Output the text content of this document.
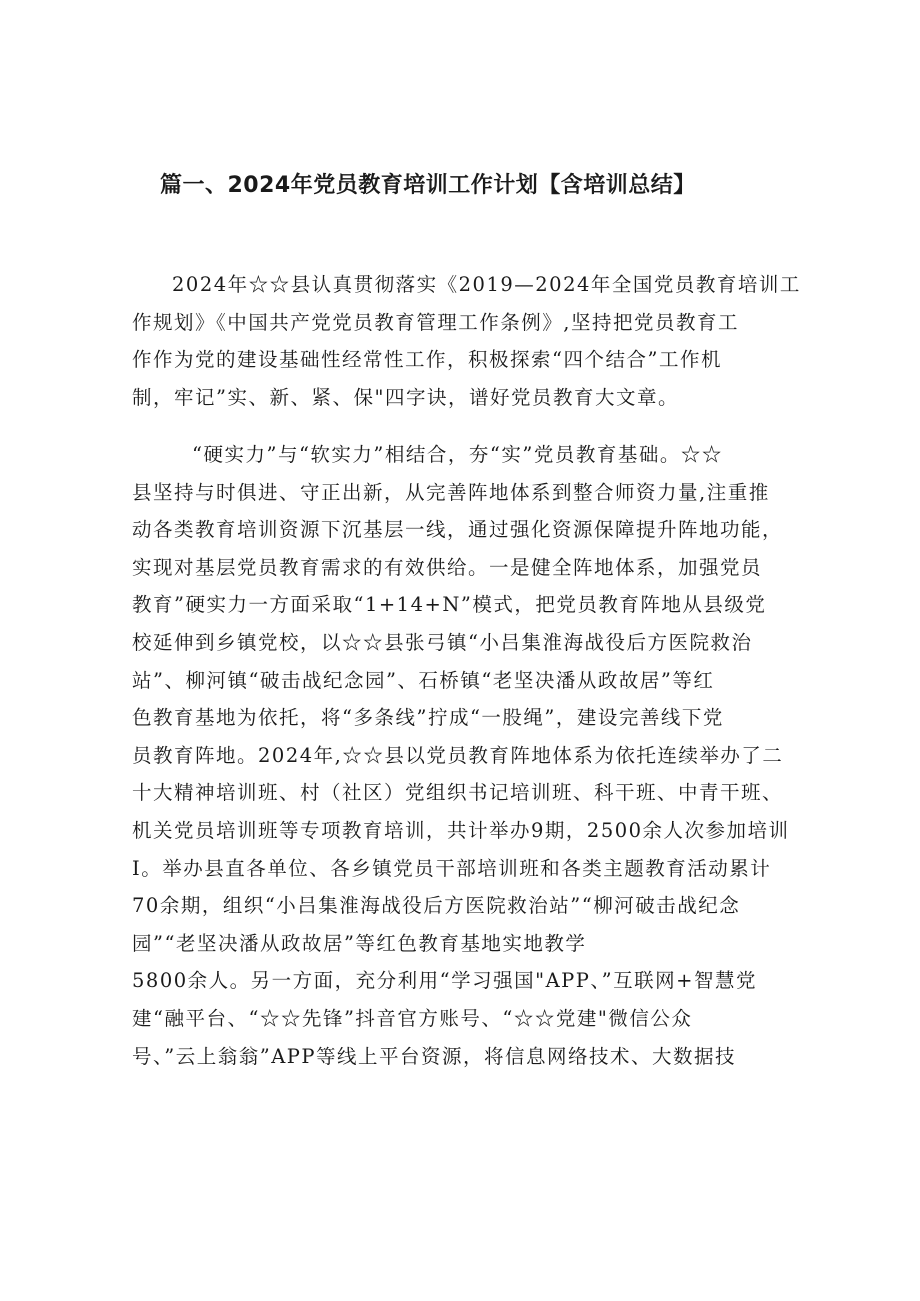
篇一、2024年党员教育培训工作计划【含培训总结】
2024年☆☆县认真贯彻落实《2019—2024年全国党员教育培训工
作规划》《中国共产党党员教育管理工作条例》,坚持把党员教育工
作作为党的建设基础性经常性工作，积极探索“四个结合”工作机
制，牢记”实、新、紧、保"四字诀，谱好党员教育大文章。
“硬实力”与“软实力”相结合，夯“实”党员教育基础。☆☆
县坚持与时俱进、守正出新，从完善阵地体系到整合师资力量,注重推
动各类教育培训资源下沉基层一线，通过强化资源保障提升阵地功能，
实现对基层党员教育需求的有效供给。一是健全阵地体系，加强党员
教育”硬实力一方面采取“1+14+N”模式，把党员教育阵地从县级党
校延伸到乡镇党校，以☆☆县张弓镇“小吕集淮海战役后方医院救治
站”、柳河镇“破击战纪念园”、石桥镇“老坚决潘从政故居”等红
色教育基地为依托，将“多条线”拧成“一股绳”，建设完善线下党
员教育阵地。2024年,☆☆县以党员教育阵地体系为依托连续举办了二
十大精神培训班、村（社区）党组织书记培训班、科干班、中青干班、
机关党员培训班等专项教育培训，共计举办9期，2500余人次参加培训
I。举办县直各单位、各乡镇党员干部培训班和各类主题教育活动累计
70余期，组织“小吕集淮海战役后方医院救治站”“柳河破击战纪念
园”“老坚决潘从政故居”等红色教育基地实地教学
5800余人。另一方面，充分利用“学习强国"APP、”互联网+智慧党
建“融平台、“☆☆先锋”抖音官方账号、“☆☆党建"微信公众
号、”云上翁翁”APP等线上平台资源，将信息网络技术、大数据技
